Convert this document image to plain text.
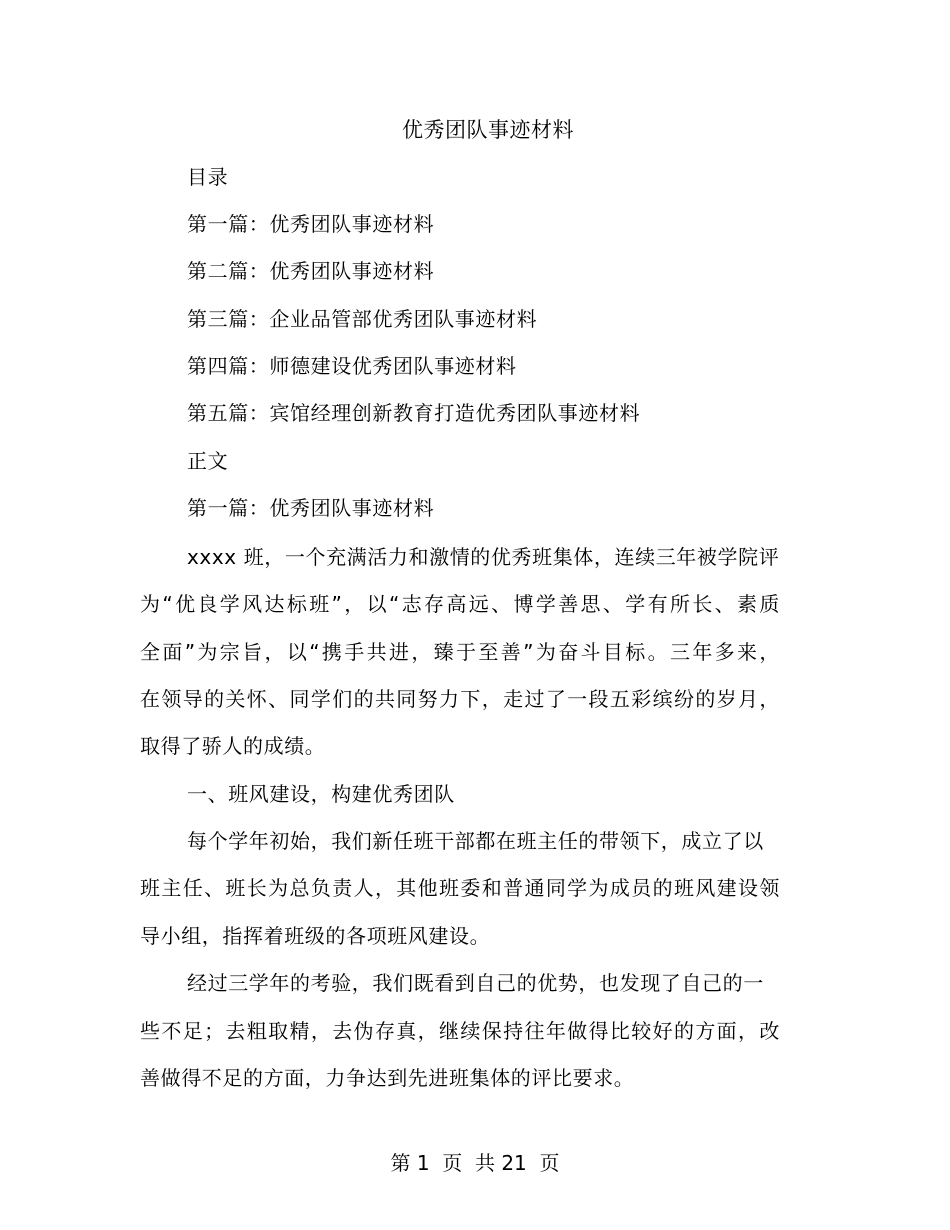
优秀团队事迹材料
目录
第一篇：优秀团队事迹材料
第二篇：优秀团队事迹材料
第三篇：企业品管部优秀团队事迹材料
第四篇：师德建设优秀团队事迹材料
第五篇：宾馆经理创新教育打造优秀团队事迹材料
正文
第一篇：优秀团队事迹材料
xxxx 班，一个充满活力和激情的优秀班集体，连续三年被学院评
为“优良学风达标班”，以“志存高远、博学善思、学有所长、素质
全面”为宗旨，以“携手共进，臻于至善”为奋斗目标。三年多来，
在领导的关怀、同学们的共同努力下，走过了一段五彩缤纷的岁月，
取得了骄人的成绩。
一、班风建设，构建优秀团队
每个学年初始，我们新任班干部都在班主任的带领下，成立了以
班主任、班长为总负责人，其他班委和普通同学为成员的班风建设领
导小组，指挥着班级的各项班风建设。
经过三学年的考验，我们既看到自己的优势，也发现了自己的一
些不足；去粗取精，去伪存真，继续保持往年做得比较好的方面，改
善做得不足的方面，力争达到先进班集体的评比要求。
第 1  页  共 21  页
